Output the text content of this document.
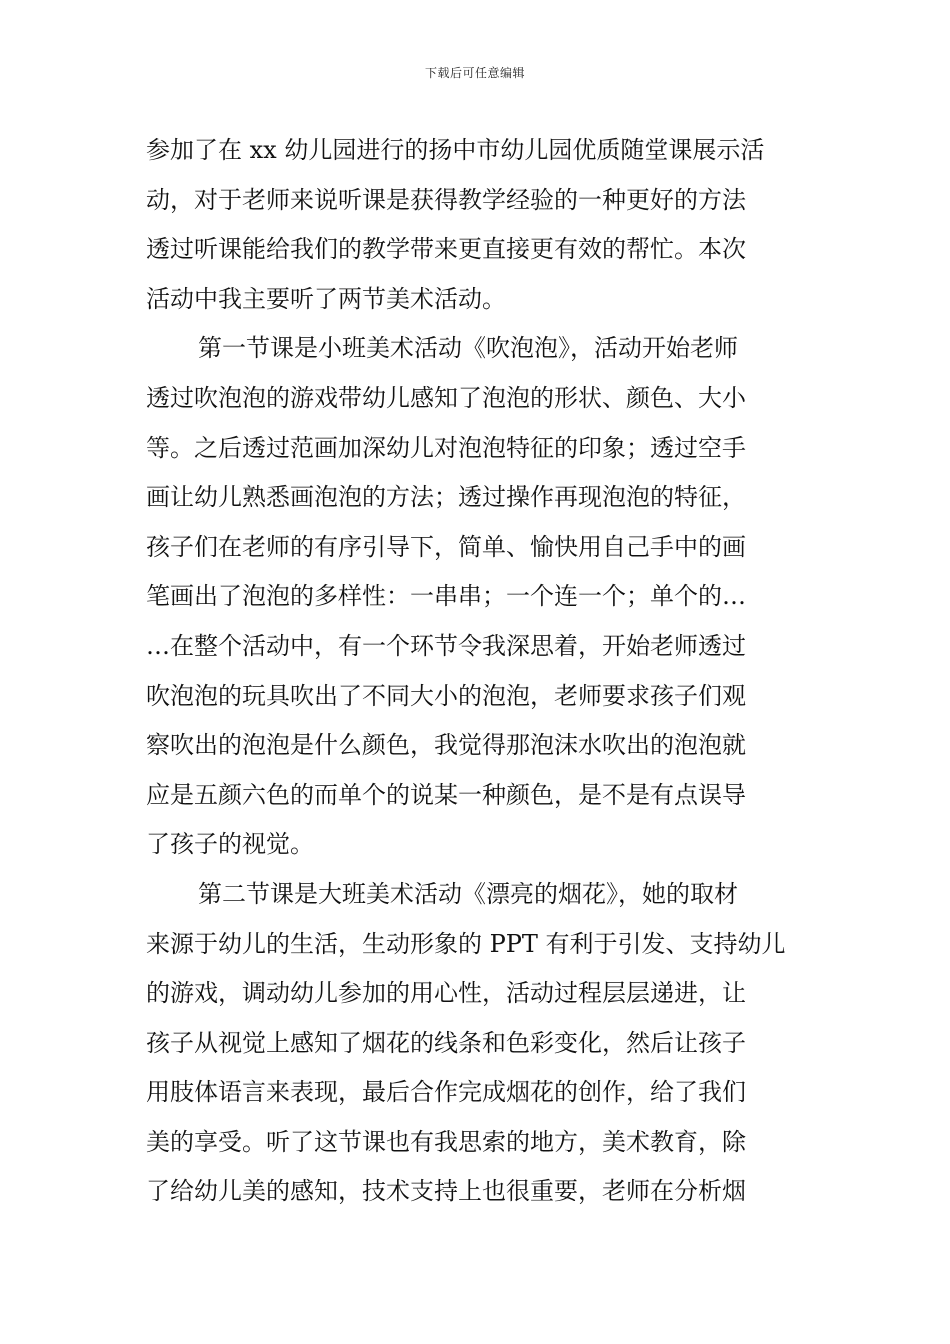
下载后可任意编辑
参加了在 xx 幼儿园进行的扬中市幼儿园优质随堂课展示活
动，对于老师来说听课是获得教学经验的一种更好的方法
透过听课能给我们的教学带来更直接更有效的帮忙。本次
活动中我主要听了两节美术活动。
第一节课是小班美术活动《吹泡泡》，活动开始老师
透过吹泡泡的游戏带幼儿感知了泡泡的形状、颜色、大小
等。之后透过范画加深幼儿对泡泡特征的印象；透过空手
画让幼儿熟悉画泡泡的方法；透过操作再现泡泡的特征，
孩子们在老师的有序引导下，简单、愉快用自己手中的画
笔画出了泡泡的多样性：一串串；一个连一个；单个的…
…在整个活动中，有一个环节令我深思着，开始老师透过
吹泡泡的玩具吹出了不同大小的泡泡，老师要求孩子们观
察吹出的泡泡是什么颜色，我觉得那泡沫水吹出的泡泡就
应是五颜六色的而单个的说某一种颜色，是不是有点误导
了孩子的视觉。
第二节课是大班美术活动《漂亮的烟花》，她的取材
来源于幼儿的生活，生动形象的 PPT 有利于引发、支持幼儿
的游戏，调动幼儿参加的用心性，活动过程层层递进，让
孩子从视觉上感知了烟花的线条和色彩变化，然后让孩子
用肢体语言来表现，最后合作完成烟花的创作，给了我们
美的享受。听了这节课也有我思索的地方，美术教育，除
了给幼儿美的感知，技术支持上也很重要，老师在分析烟
